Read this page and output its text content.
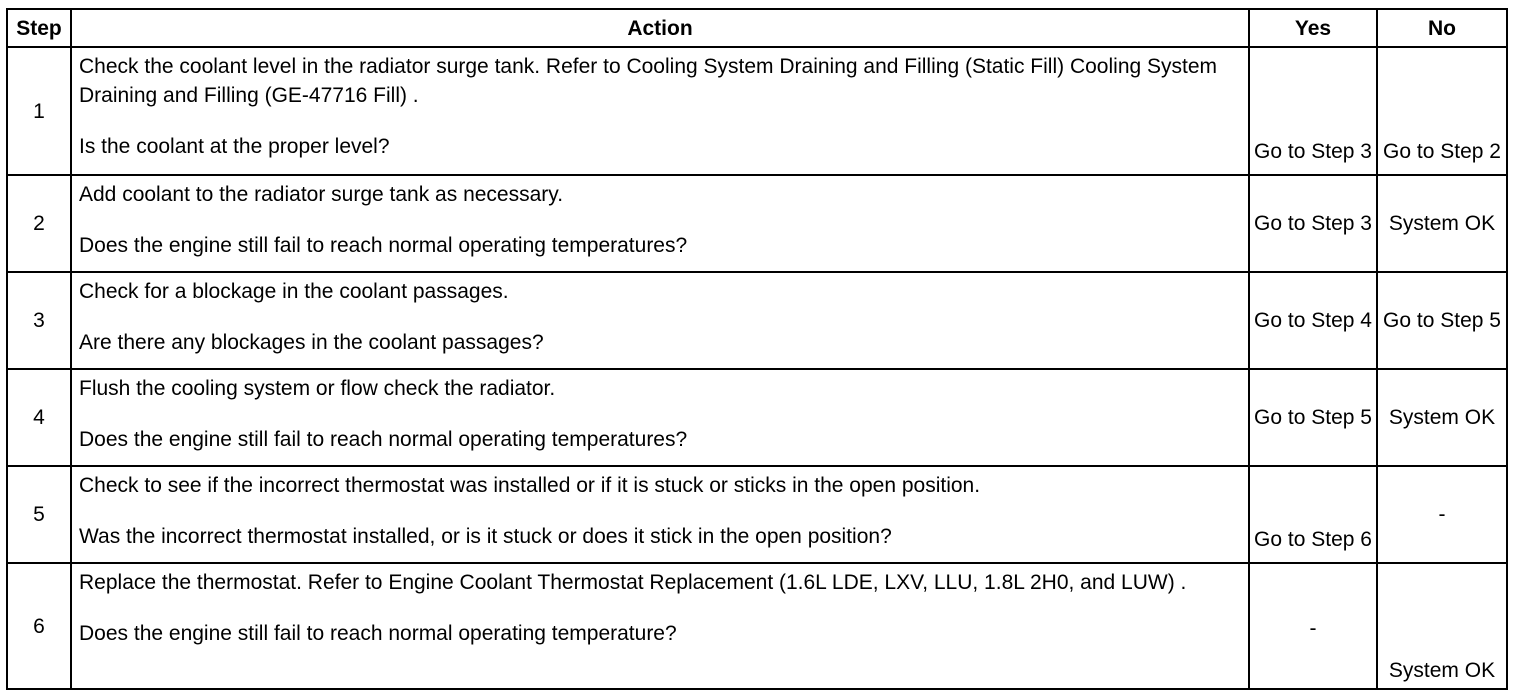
Step	Action	Yes	No
1	Check the coolant level in the radiator surge tank. Refer to Cooling System Draining and Filling (Static Fill) Cooling System Draining and Filling (GE-47716 Fill) .
Is the coolant at the proper level?	Go to Step 3	Go to Step 2
2	Add coolant to the radiator surge tank as necessary.
Does the engine still fail to reach normal operating temperatures?	Go to Step 3	System OK
3	Check for a blockage in the coolant passages.
Are there any blockages in the coolant passages?	Go to Step 4	Go to Step 5
4	Flush the cooling system or flow check the radiator.
Does the engine still fail to reach normal operating temperatures?	Go to Step 5	System OK
5	Check to see if the incorrect thermostat was installed or if it is stuck or sticks in the open position.
Was the incorrect thermostat installed, or is it stuck or does it stick in the open position?	Go to Step 6	-
6	Replace the thermostat. Refer to Engine Coolant Thermostat Replacement (1.6L LDE, LXV, LLU, 1.8L 2H0, and LUW) .
Does the engine still fail to reach normal operating temperature?	-	System OK
